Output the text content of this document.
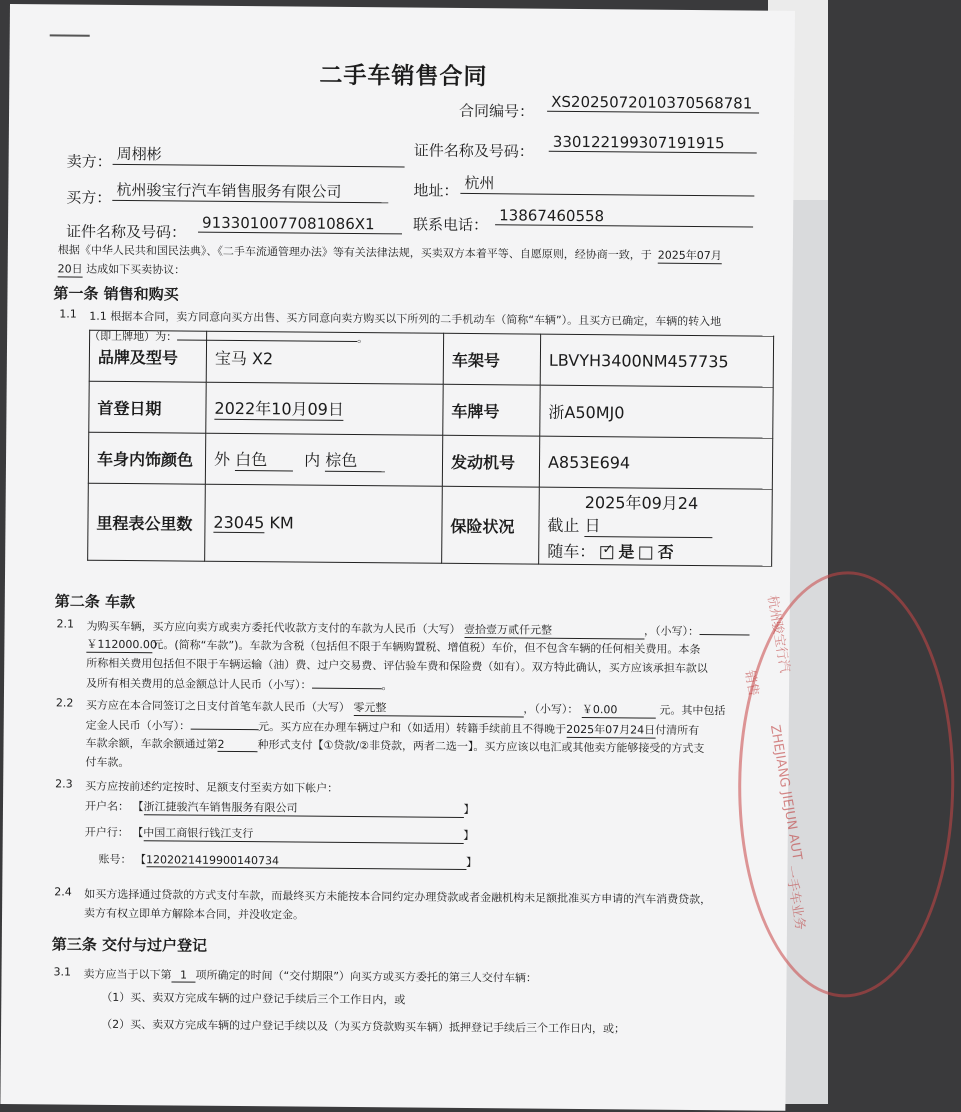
二手车销售合同
合同编号： XS2025072010370568781
卖方： 周栩彬	证件名称及号码： 330122199307191915
买方： 杭州骏宝行汽车销售服务有限公司	地址： 杭州
证件名称及号码： 9133010077081086X1	联系电话： 13867460558
根据《中华人民共和国民法典》、《二手车流通管理办法》等有关法律法规，买卖双方本着平等、自愿原则，经协商一致，于 2025年07月
20日 达成如下买卖协议：
第一条 销售和购买
1.1 1.1 根据本合同，卖方同意向买方出售、买方同意向卖方购买以下所列的二手机动车（简称“车辆”）。且买方已确定，车辆的转入地
（即上牌地）为：	。
品牌及型号	宝马 X2	车架号	LBVYH3400NM457735
首登日期	2022年10月09日	车牌号	浙A50MJ0
车身内饰颜色	外 白色 内 棕色	发动机号	A853E694
里程表公里数	23045 KM	保险状况	截止 2025年09月24日
随车： ✓ 是 否
第二条 车款
2.1 为购买车辆，买方应向卖方或卖方委托代收款方支付的车款为人民币（大写） 壹拾壹万贰仟元整	，（小写）：
￥112000.00元。(简称“车款”)。车款为含税（包括但不限于车辆购置税、增值税）车价，但不包含车辆的任何相关费用。本条
所称相关费用包括但不限于车辆运输（油）费、过户交易费、评估验车费和保险费（如有）。双方特此确认，买方应该承担车款以
及所有相关费用的总金额总计人民币（小写）：	。
2.2 买方应在本合同签订之日支付首笔车款人民币（大写） 零元整	，（小写）： ￥0.00	元。其中包括
定金人民币（小写）：	元。买方应在办理车辆过户和（如适用）转籍手续前且不得晚于2025年07月24日付清所有
车款余额，车款余额通过第2	种形式支付【①贷款/②非贷款，两者二选一】。买方应该以电汇或其他卖方能够接受的方式支
付车款。
2.3 买方应按前述约定按时、足额支付至卖方如下帐户：
开户名： 【浙江捷骏汽车销售服务有限公司	】
开户行： 【中国工商银行钱江支行	】
账号： 【1202021419900140734	】
2.4 如买方选择通过贷款的方式支付车款，而最终买方未能按本合同约定办理贷款或者金融机构未足额批准买方申请的汽车消费贷款，
卖方有权立即单方解除本合同，并没收定金。
第三条 交付与过户登记
3.1 卖方应当于以下第 1 项所确定的时间（“交付期限”）向买方或买方委托的第三人交付车辆：
（1）买、卖双方完成车辆的过户登记手续后三个工作日内，或
（2）买、卖双方完成车辆的过户登记手续以及（为买方贷款购买车辆）抵押登记手续后三个工作日内，或；
杭州骏宝行汽
销售
ZHEJIANG JIEJUN AUT
一手车业务
